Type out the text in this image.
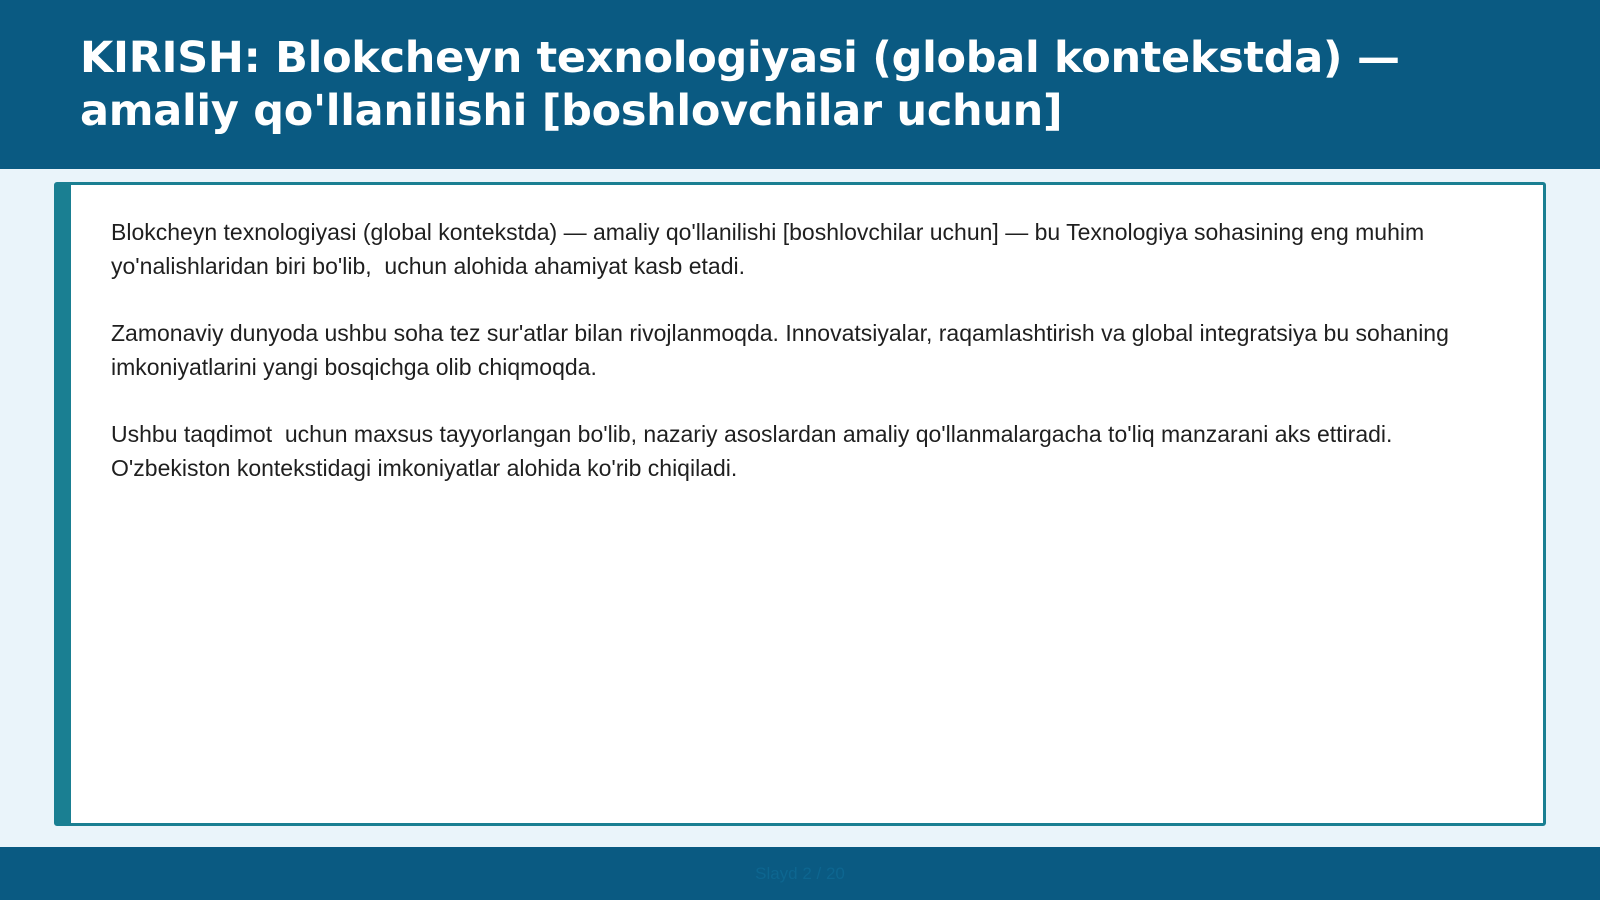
KIRISH: Blokcheyn texnologiyasi (global kontekstda) — amaliy qo'llanilishi [boshlovchilar uchun]

Blokcheyn texnologiyasi (global kontekstda) — amaliy qo'llanilishi [boshlovchilar uchun] — bu Texnologiya sohasining eng muhim yo'nalishlaridan biri bo'lib,  uchun alohida ahamiyat kasb etadi.

Zamonaviy dunyoda ushbu soha tez sur'atlar bilan rivojlanmoqda. Innovatsiyalar, raqamlashtirish va global integratsiya bu sohaning imkoniyatlarini yangi bosqichga olib chiqmoqda.

Ushbu taqdimot  uchun maxsus tayyorlangan bo'lib, nazariy asoslardan amaliy qo'llanmalargacha to'liq manzarani aks ettiradi. O'zbekiston kontekstidagi imkoniyatlar alohida ko'rib chiqiladi.

Slayd 2 / 20
